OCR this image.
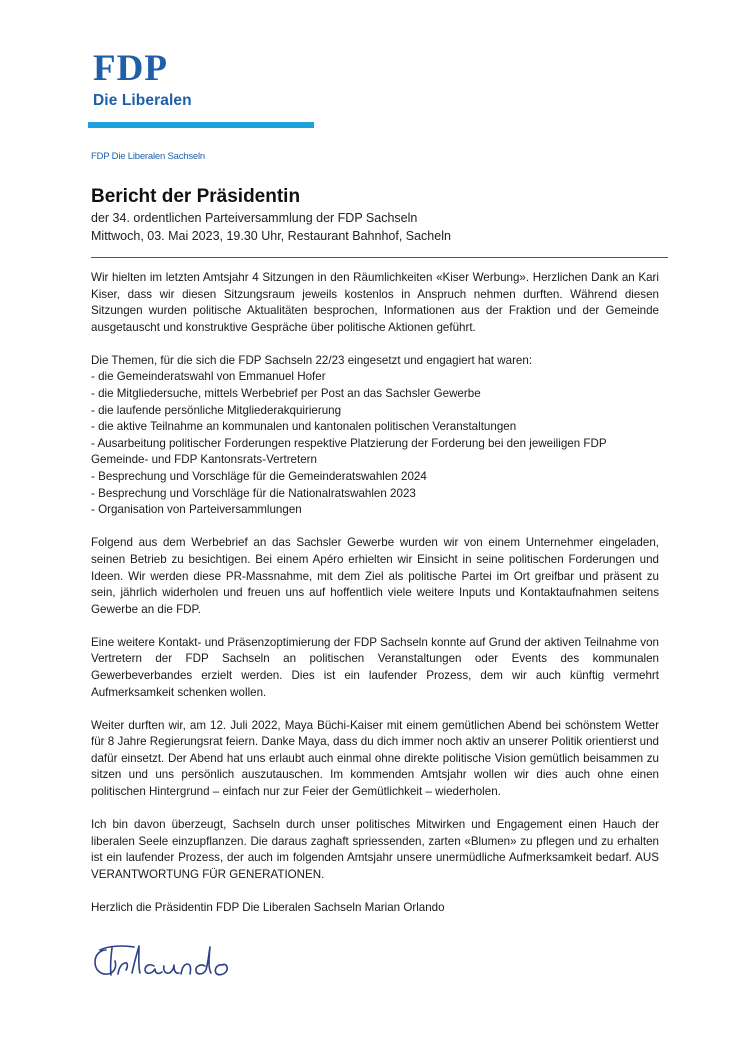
FDP
Die Liberalen
FDP Die Liberalen Sachseln
Bericht der Präsidentin
der 34. ordentlichen Parteiversammlung der FDP Sachseln
Mittwoch, 03. Mai 2023, 19.30 Uhr, Restaurant Bahnhof, Sacheln

Wir hielten im letzten Amtsjahr 4 Sitzungen in den Räumlichkeiten «Kiser Werbung». Herzlichen Dank an Kari Kiser, dass wir diesen Sitzungsraum jeweils kostenlos in Anspruch nehmen durften. Während diesen Sitzungen wurden politische Aktualitäten besprochen, Informationen aus der Fraktion und der Gemeinde ausgetauscht und konstruktive Gespräche über politische Aktionen geführt.

Die Themen, für die sich die FDP Sachseln 22/23 eingesetzt und engagiert hat waren:
- die Gemeinderatswahl von Emmanuel Hofer
- die Mitgliedersuche, mittels Werbebrief per Post an das Sachsler Gewerbe
- die laufende persönliche Mitgliederakquirierung
- die aktive Teilnahme an kommunalen und kantonalen politischen Veranstaltungen
- Ausarbeitung politischer Forderungen respektive Platzierung der Forderung bei den jeweiligen FDP Gemeinde- und FDP Kantonsrats-Vertretern
- Besprechung und Vorschläge für die Gemeinderatswahlen 2024
- Besprechung und Vorschläge für die Nationalratswahlen 2023
- Organisation von Parteiversammlungen

Folgend aus dem Werbebrief an das Sachsler Gewerbe wurden wir von einem Unternehmer eingeladen, seinen Betrieb zu besichtigen. Bei einem Apéro erhielten wir Einsicht in seine politischen Forderungen und Ideen. Wir werden diese PR-Massnahme, mit dem Ziel als politische Partei im Ort greifbar und präsent zu sein, jährlich widerholen und freuen uns auf hoffentlich viele weitere Inputs und Kontaktaufnahmen seitens Gewerbe an die FDP.

Eine weitere Kontakt- und Präsenzoptimierung der FDP Sachseln konnte auf Grund der aktiven Teilnahme von Vertretern der FDP Sachseln an politischen Veranstaltungen oder Events des kommunalen Gewerbeverbandes erzielt werden. Dies ist ein laufender Prozess, dem wir auch künftig vermehrt Aufmerksamkeit schenken wollen.

Weiter durften wir, am 12. Juli 2022, Maya Büchi-Kaiser mit einem gemütlichen Abend bei schönstem Wetter für 8 Jahre Regierungsrat feiern. Danke Maya, dass du dich immer noch aktiv an unserer Politik orientierst und dafür einsetzt. Der Abend hat uns erlaubt auch einmal ohne direkte politische Vision gemütlich beisammen zu sitzen und uns persönlich auszutauschen. Im kommenden Amtsjahr wollen wir dies auch ohne einen politischen Hintergrund – einfach nur zur Feier der Gemütlichkeit – wiederholen.

Ich bin davon überzeugt, Sachseln durch unser politisches Mitwirken und Engagement einen Hauch der liberalen Seele einzupflanzen. Die daraus zaghaft spriessenden, zarten «Blumen» zu pflegen und zu erhalten ist ein laufender Prozess, der auch im folgenden Amtsjahr unsere unermüdliche Aufmerksamkeit bedarf. AUS VERANTWORTUNG FÜR GENERATIONEN.

Herzlich die Präsidentin FDP Die Liberalen Sachseln Marian Orlando
